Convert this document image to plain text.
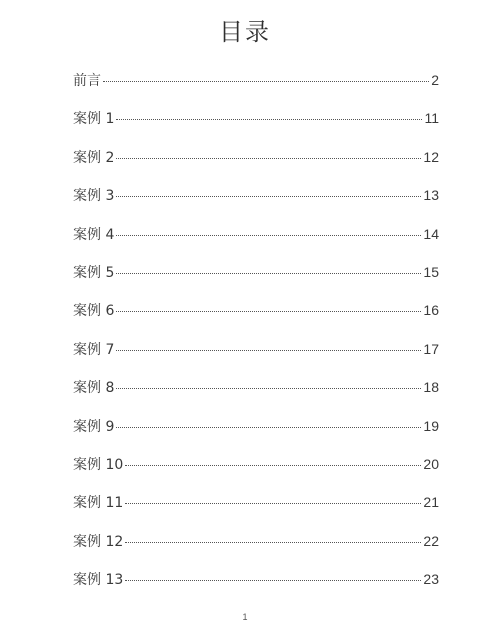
目录
前言	2
案例 1	11
案例 2	12
案例 3	13
案例 4	14
案例 5	15
案例 6	16
案例 7	17
案例 8	18
案例 9	19
案例 10	20
案例 11	21
案例 12	22
案例 13	23
1
